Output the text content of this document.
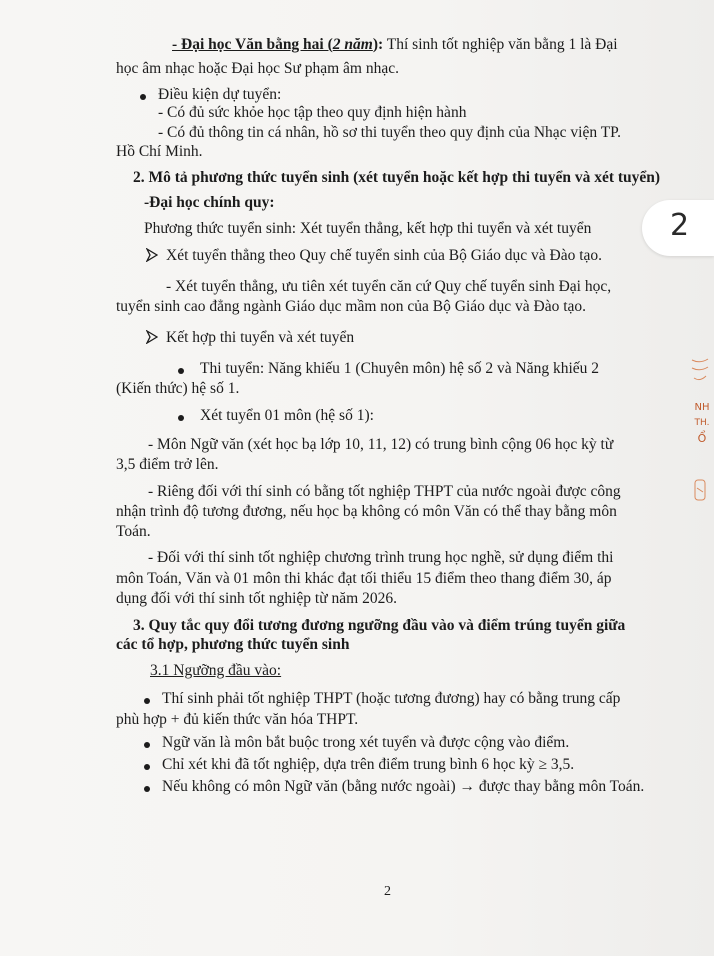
- Đại học Văn bằng hai (2 năm): Thí sinh tốt nghiệp văn bằng 1 là Đại
học âm nhạc hoặc Đại học Sư phạm âm nhạc.
Điều kiện dự tuyển:
- Có đủ sức khỏe học tập theo quy định hiện hành
- Có đủ thông tin cá nhân, hồ sơ thi tuyển theo quy định của Nhạc viện TP.
Hồ Chí Minh.
2. Mô tả phương thức tuyển sinh (xét tuyển hoặc kết hợp thi tuyển và xét tuyển)
-Đại học chính quy:
Phương thức tuyển sinh: Xét tuyển thẳng, kết hợp thi tuyển và xét tuyển
Xét tuyển thẳng theo Quy chế tuyển sinh của Bộ Giáo dục và Đào tạo.
- Xét tuyển thẳng, ưu tiên xét tuyển căn cứ Quy chế tuyển sinh Đại học,
tuyển sinh cao đẳng ngành Giáo dục mầm non của Bộ Giáo dục và Đào tạo.
Kết hợp thi tuyển và xét tuyển
Thi tuyển: Năng khiếu 1 (Chuyên môn) hệ số 2 và Năng khiếu 2
(Kiến thức) hệ số 1.
Xét tuyển 01 môn (hệ số 1):
- Môn Ngữ văn (xét học bạ lớp 10, 11, 12) có trung bình cộng 06 học kỳ từ
3,5 điểm trở lên.
- Riêng đối với thí sinh có bằng tốt nghiệp THPT của nước ngoài được công
nhận trình độ tương đương, nếu học bạ không có môn Văn có thể thay bằng môn
Toán.
- Đối với thí sinh tốt nghiệp chương trình trung học nghề, sử dụng điểm thi
môn Toán, Văn và 01 môn thi khác đạt tối thiểu 15 điểm theo thang điểm 30, áp
dụng đối với thí sinh tốt nghiệp từ năm 2026.
3. Quy tắc quy đổi tương đương ngưỡng đầu vào và điểm trúng tuyển giữa
các tổ hợp, phương thức tuyển sinh
3.1 Ngưỡng đầu vào:
Thí sinh phải tốt nghiệp THPT (hoặc tương đương) hay có bằng trung cấp
phù hợp + đủ kiến thức văn hóa THPT.
Ngữ văn là môn bắt buộc trong xét tuyển và được cộng vào điểm.
Chỉ xét khi đã tốt nghiệp, dựa trên điểm trung bình 6 học kỳ ≥ 3,5.
Nếu không có môn Ngữ văn (bằng nước ngoài) → được thay bằng môn Toán.
2
2
NH
TH.
Ổ
